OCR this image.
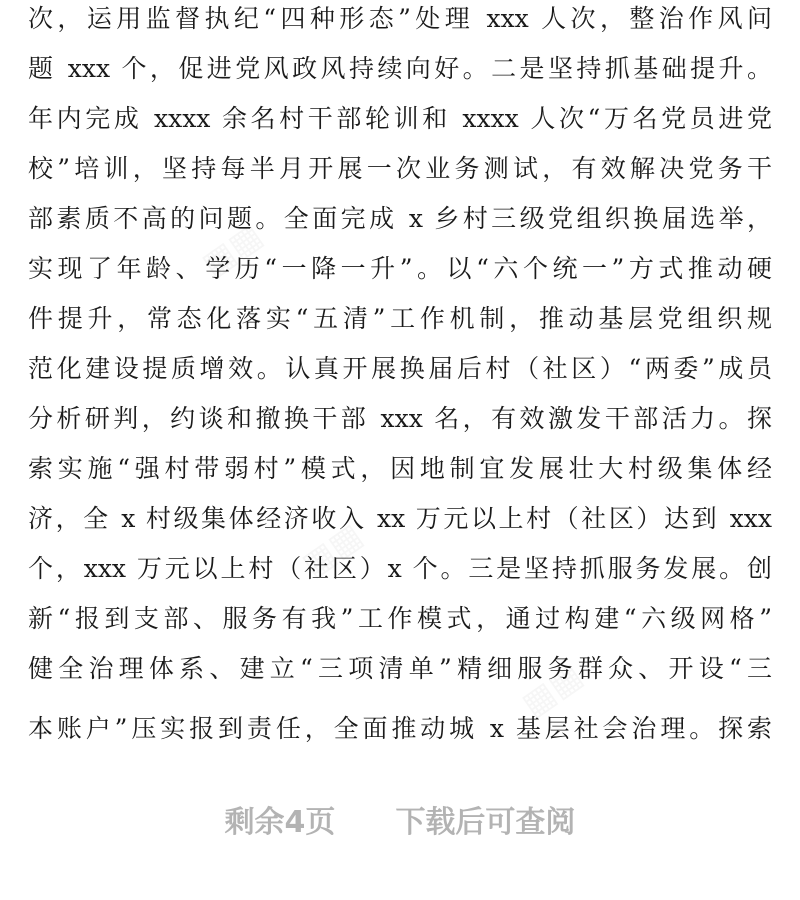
次，运用监督执纪“四种形态”处理 xxx 人次，整治作风问
题 xxx 个，促进党风政风持续向好。二是坚持抓基础提升。
年内完成 xxxx 余名村干部轮训和 xxxx 人次“万名党员进党
校”培训，坚持每半月开展一次业务测试，有效解决党务干
部素质不高的问题。全面完成 x 乡村三级党组织换届选举，
实现了年龄、学历“一降一升”。以“六个统一”方式推动硬
件提升，常态化落实“五清”工作机制，推动基层党组织规
范化建设提质增效。认真开展换届后村（社区）“两委”成员
分析研判，约谈和撤换干部 xxx 名，有效激发干部活力。探
索实施“强村带弱村”模式，因地制宜发展壮大村级集体经
济，全 x 村级集体经济收入 xx 万元以上村（社区）达到 xxx
个，xxx 万元以上村（社区）x 个。三是坚持抓服务发展。创
新“报到支部、服务有我”工作模式，通过构建“六级网格”
健全治理体系、建立“三项清单”精细服务群众、开设“三
本账户”压实报到责任，全面推动城 x 基层社会治理。探索
剩余4页 下载后可查阅
